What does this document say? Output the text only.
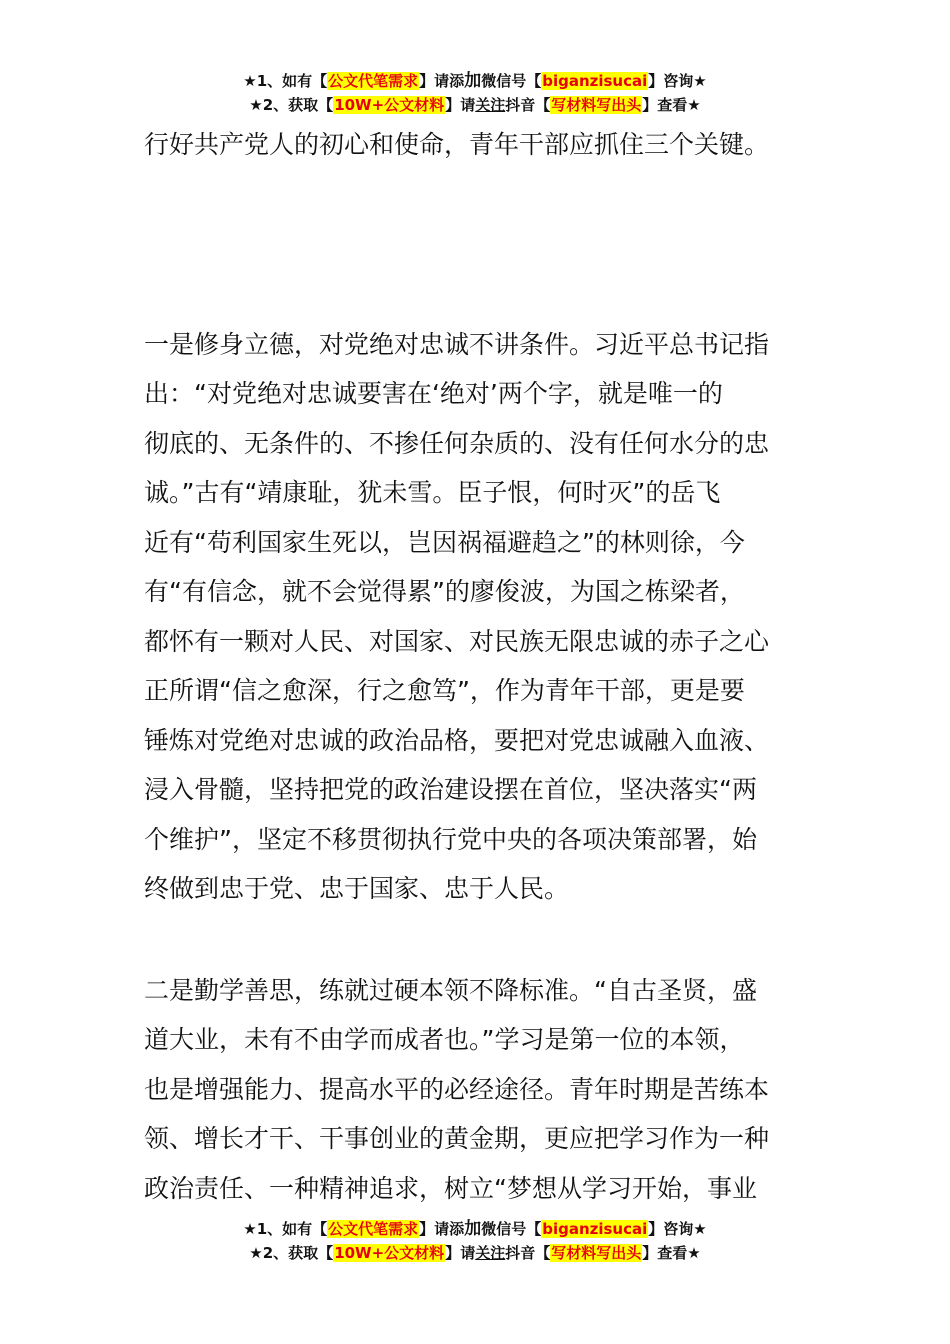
★1、如有【公文代笔需求】请添加微信号【biganzisucai】咨询★
★2、获取【10W+公文材料】请关注抖音【写材料写出头】查看★
行好共产党人的初心和使命，青年干部应抓住三个关键。
一是修身立德，对党绝对忠诚不讲条件。习近平总书记指
出：“对党绝对忠诚要害在‘绝对’两个字，就是唯一的
彻底的、无条件的、不掺任何杂质的、没有任何水分的忠
诚。”古有“靖康耻，犹未雪。臣子恨，何时灭”的岳飞
近有“苟利国家生死以，岂因祸福避趋之”的林则徐，今
有“有信念，就不会觉得累”的廖俊波，为国之栋梁者，
都怀有一颗对人民、对国家、对民族无限忠诚的赤子之心
正所谓“信之愈深，行之愈笃”，作为青年干部，更是要
锤炼对党绝对忠诚的政治品格，要把对党忠诚融入血液、
浸入骨髓，坚持把党的政治建设摆在首位，坚决落实“两
个维护”，坚定不移贯彻执行党中央的各项决策部署，始
终做到忠于党、忠于国家、忠于人民。
二是勤学善思，练就过硬本领不降标准。“自古圣贤，盛
道大业，未有不由学而成者也。”学习是第一位的本领，
也是增强能力、提高水平的必经途径。青年时期是苦练本
领、增长才干、干事创业的黄金期，更应把学习作为一种
政治责任、一种精神追求，树立“梦想从学习开始，事业
★1、如有【公文代笔需求】请添加微信号【biganzisucai】咨询★
★2、获取【10W+公文材料】请关注抖音【写材料写出头】查看★
